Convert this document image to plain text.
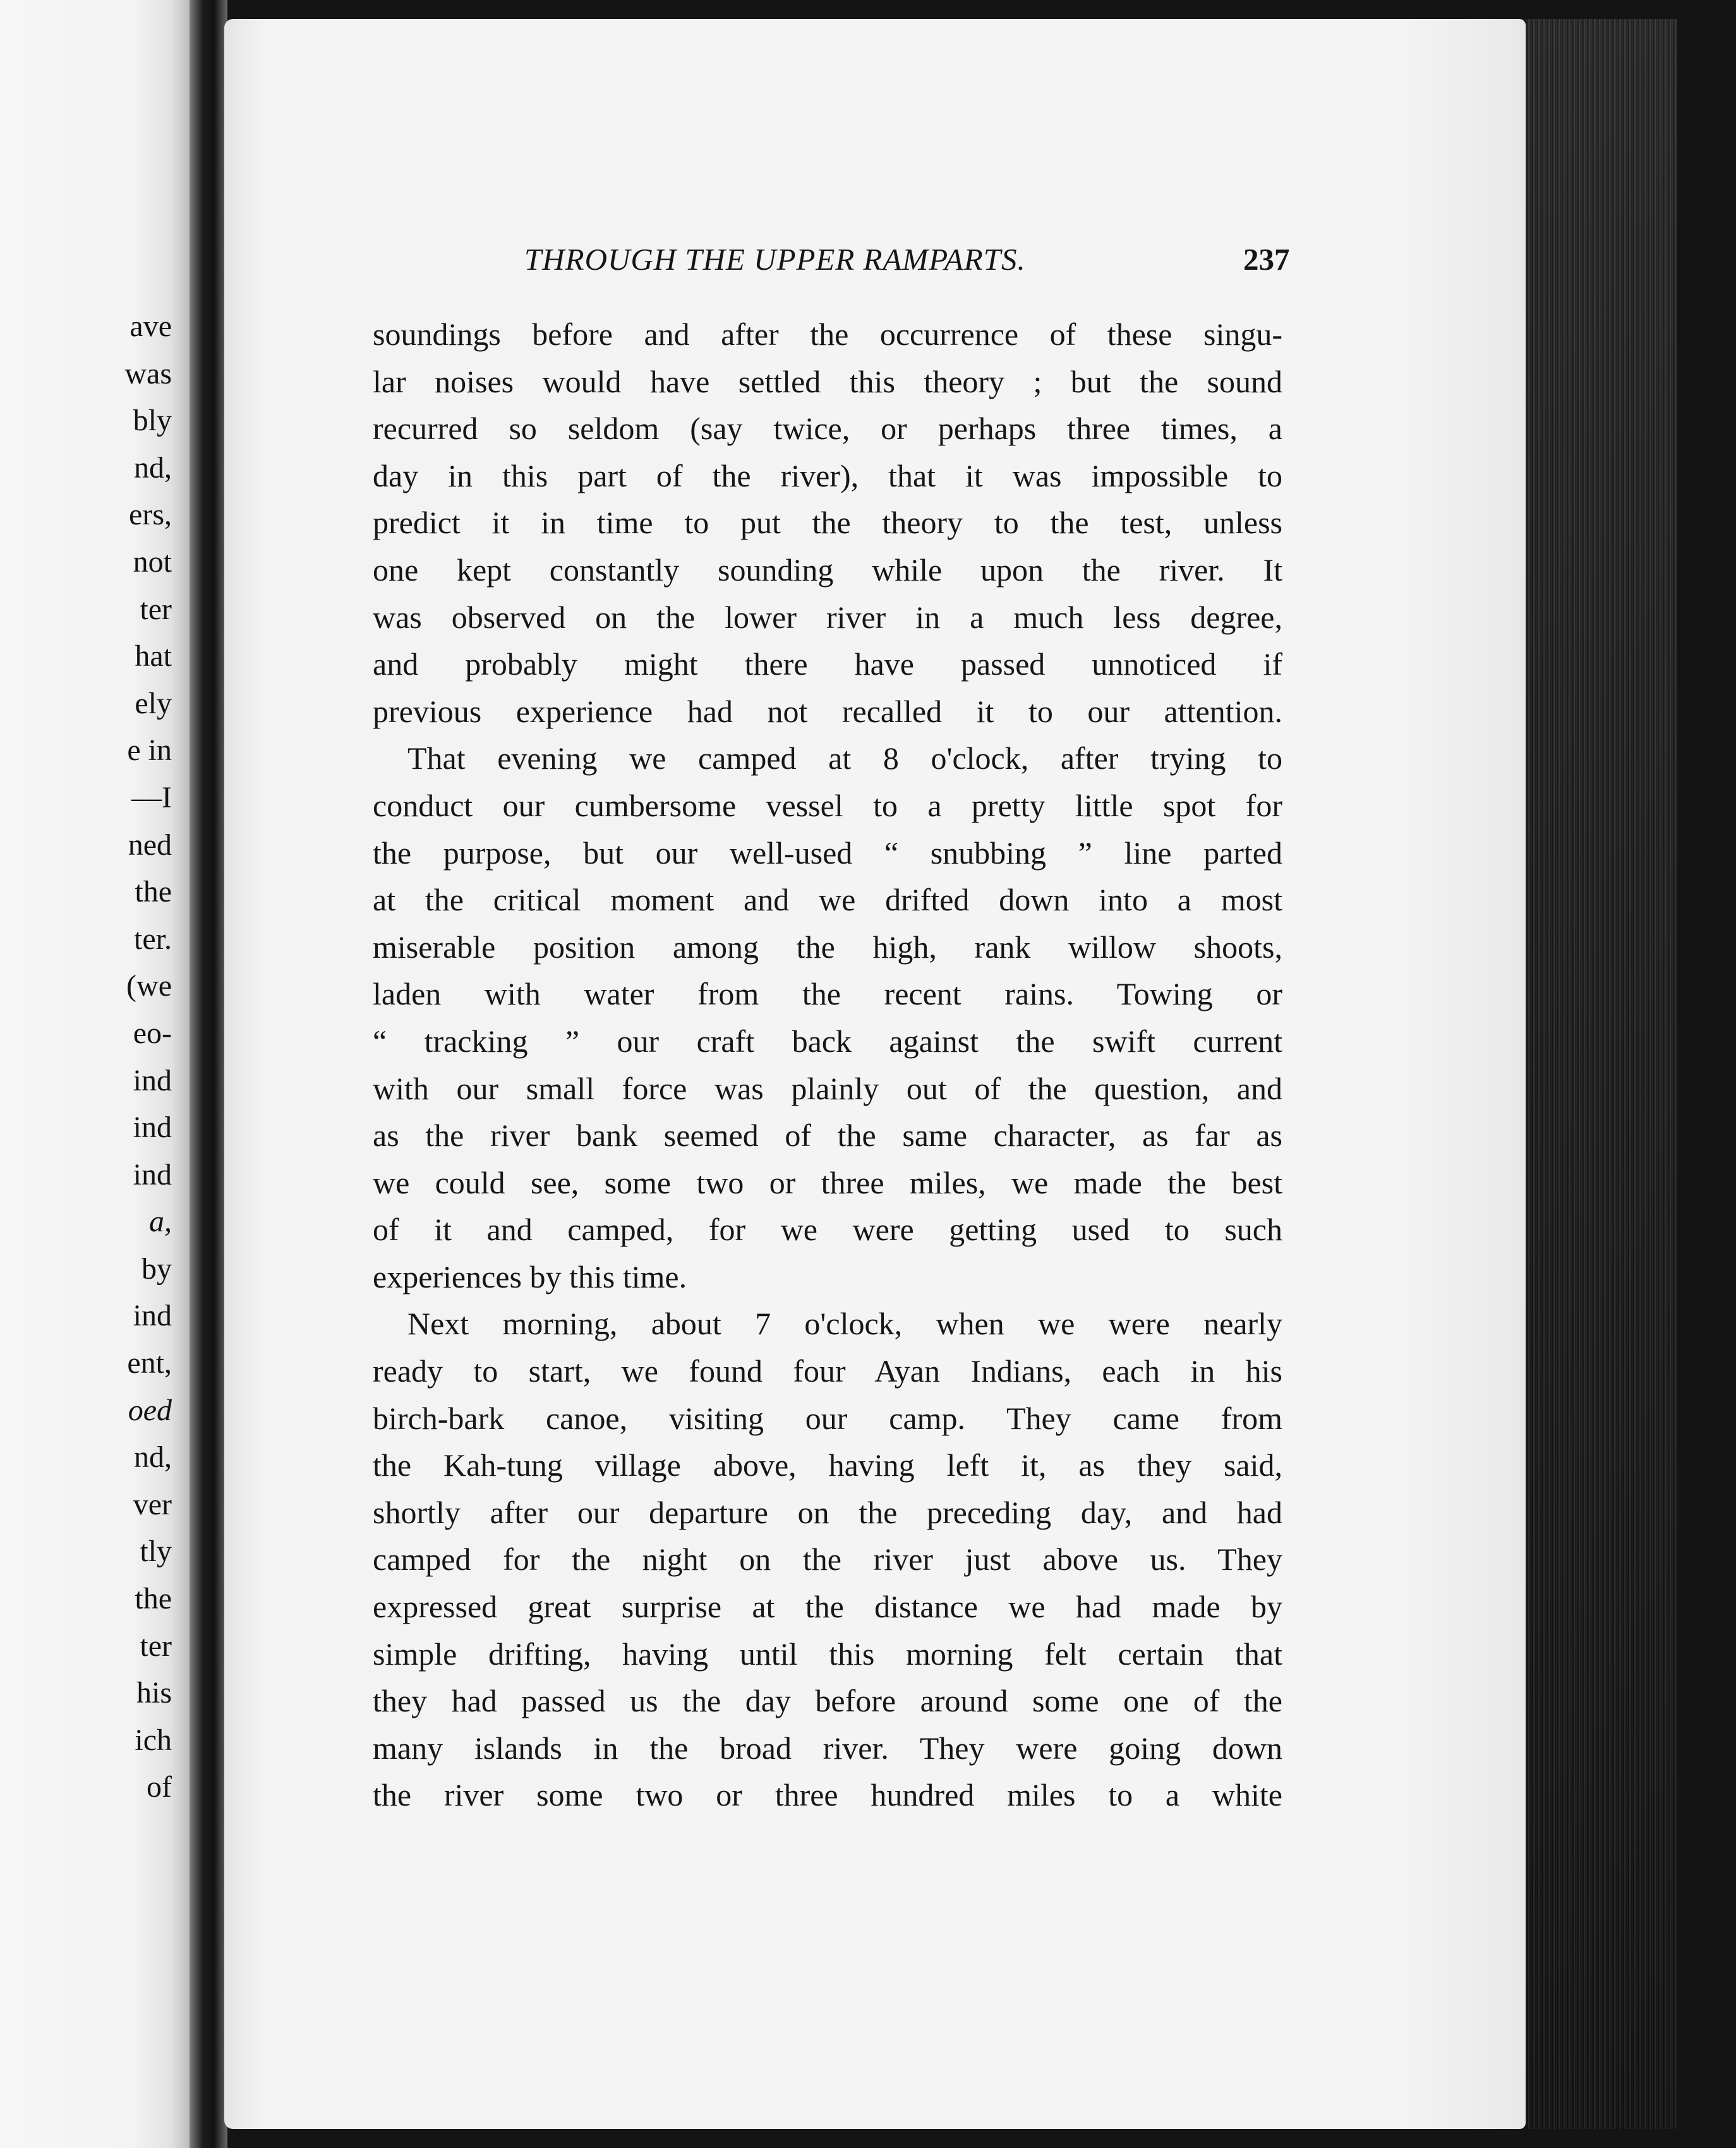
ave
was
bly
nd,
ers,
not
ter
hat
ely
e in
—I
ned
the
ter.
(we
eo-
ind
ind
ind
a,
by
ind
ent,
oed
nd,
ver
tly
the
ter
his
ich
of
THROUGH THE UPPER RAMPARTS.	237
soundings before and after the occurrence of these singu-
lar noises would have settled this theory ; but the sound
recurred so seldom (say twice, or perhaps three times, a
day in this part of the river), that it was impossible to
predict it in time to put the theory to the test, unless
one kept constantly sounding while upon the river. It
was observed on the lower river in a much less degree,
and probably might there have passed unnoticed if
previous experience had not recalled it to our attention.
That evening we camped at 8 o'clock, after trying to
conduct our cumbersome vessel to a pretty little spot for
the purpose, but our well-used “ snubbing ” line parted
at the critical moment and we drifted down into a most
miserable position among the high, rank willow shoots,
laden with water from the recent rains. Towing or
“ tracking ” our craft back against the swift current
with our small force was plainly out of the question, and
as the river bank seemed of the same character, as far as
we could see, some two or three miles, we made the best
of it and camped, for we were getting used to such
experiences by this time.
Next morning, about 7 o'clock, when we were nearly
ready to start, we found four Ayan Indians, each in his
birch-bark canoe, visiting our camp. They came from
the Kah-tung village above, having left it, as they said,
shortly after our departure on the preceding day, and had
camped for the night on the river just above us. They
expressed great surprise at the distance we had made by
simple drifting, having until this morning felt certain that
they had passed us the day before around some one of the
many islands in the broad river. They were going down
the river some two or three hundred miles to a white
